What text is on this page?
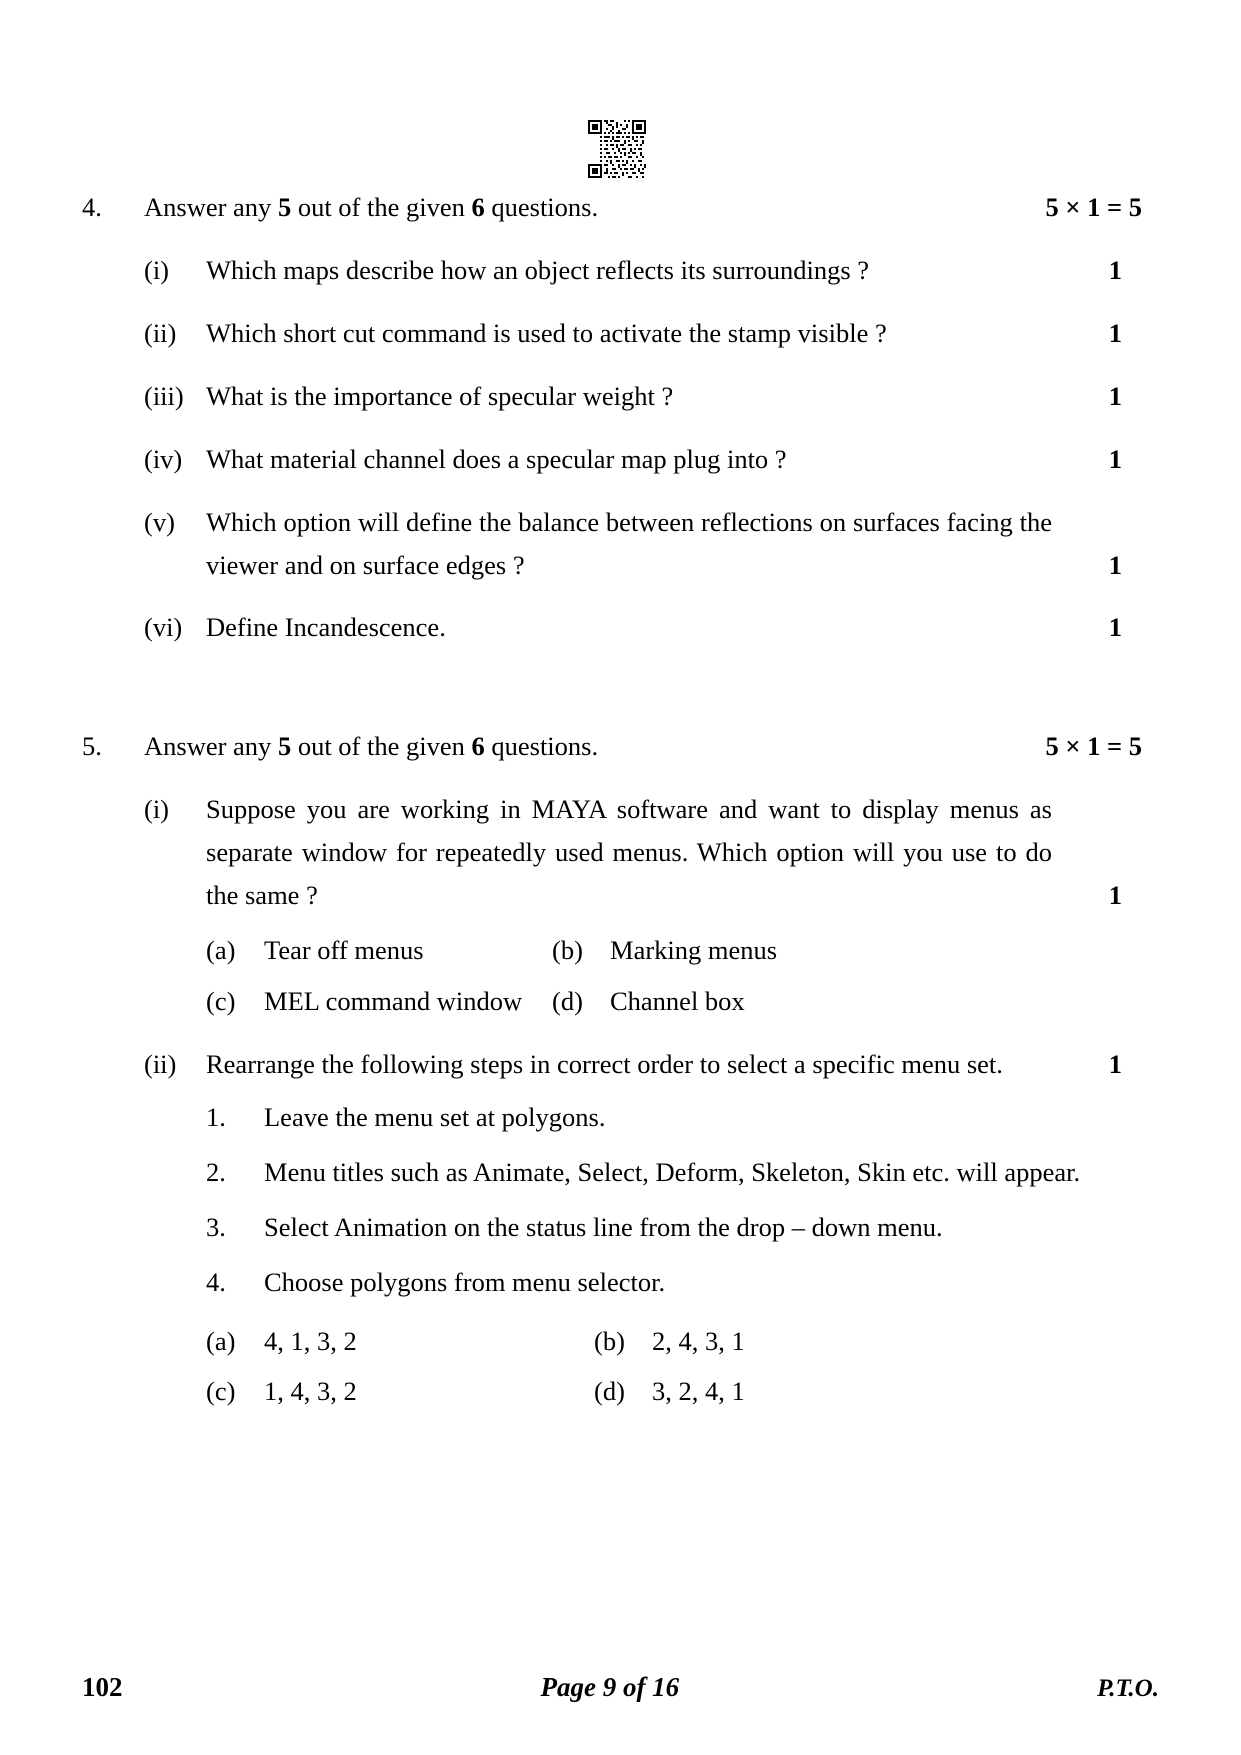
4.	Answer any 5 out of the given 6 questions.	5 × 1 = 5
(i)	Which maps describe how an object reflects its surroundings ?	1
(ii)	Which short cut command is used to activate the stamp visible ?	1
(iii) What is the importance of specular weight ?	1
(iv) What material channel does a specular map plug into ?	1
(v)	Which option will define the balance between reflections on surfaces facing the viewer and on surface edges ?	1
(vi) Define Incandescence.	1
5.	Answer any 5 out of the given 6 questions.	5 × 1 = 5
(i)	Suppose you are working in MAYA software and want to display menus as separate window for repeatedly used menus. Which option will you use to do the same ?	1
(a)	Tear off menus	(b)	Marking menus
(c)	MEL command window	(d)	Channel box
(ii)	Rearrange the following steps in correct order to select a specific menu set.	1
1.	Leave the menu set at polygons.
2.	Menu titles such as Animate, Select, Deform, Skeleton, Skin etc. will appear.
3.	Select Animation on the status line from the drop – down menu.
4.	Choose polygons from menu selector.
(a)	4, 1, 3, 2	(b)	2, 4, 3, 1
(c)	1, 4, 3, 2	(d)	3, 2, 4, 1
102	Page 9 of 16	P.T.O.
